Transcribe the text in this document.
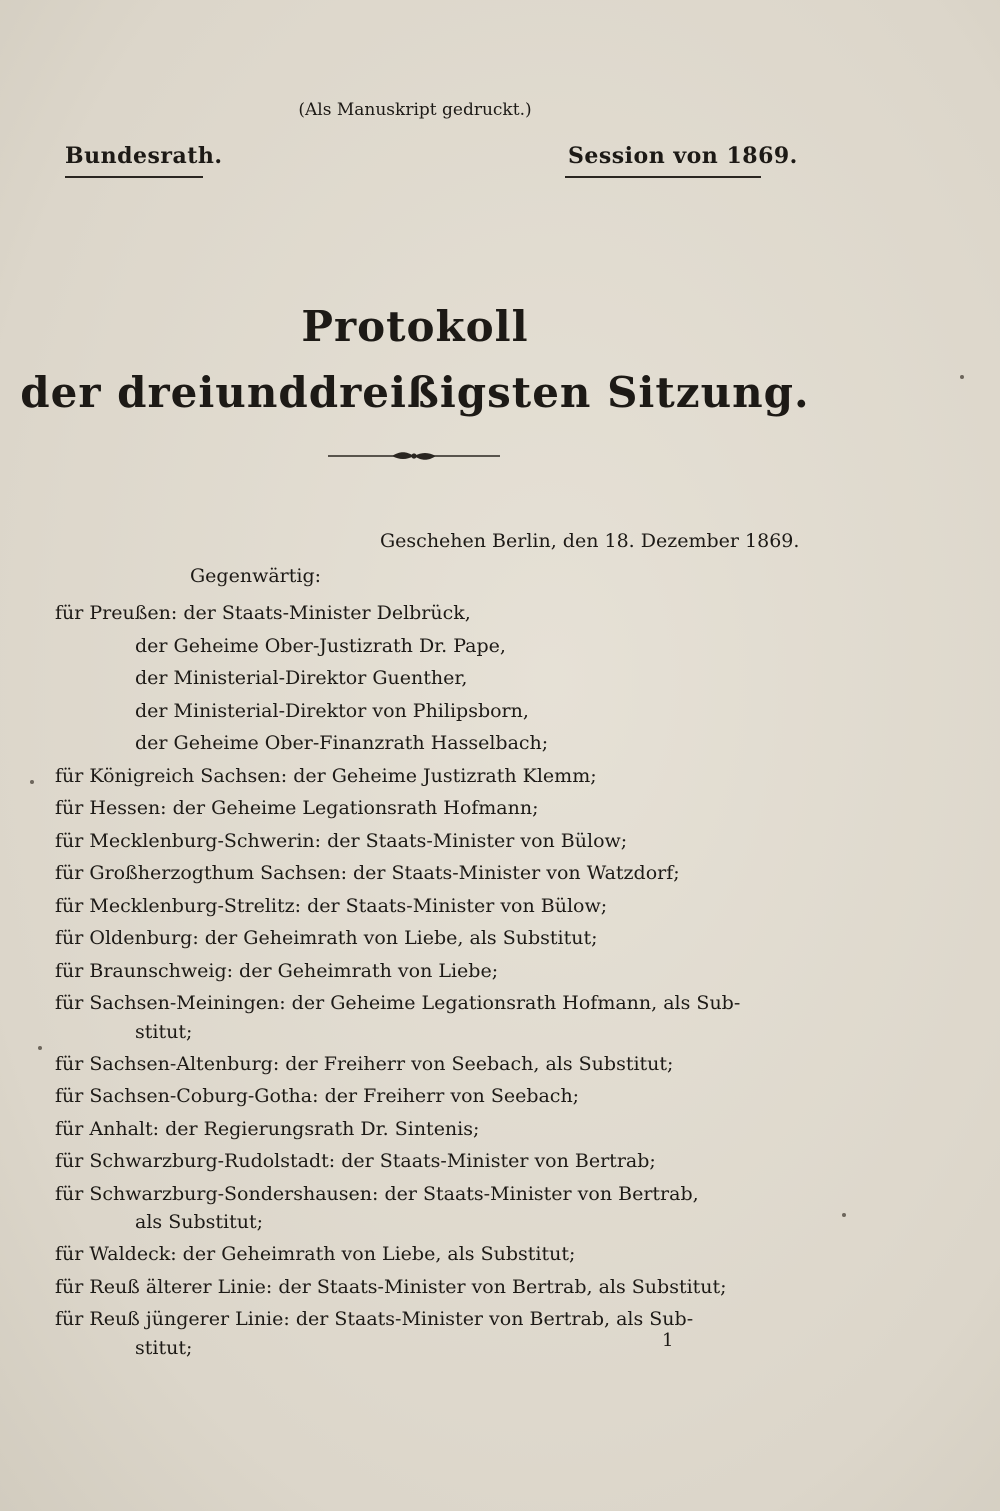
(Als Manuskript gedruckt.)
Bundesrath.	Session von 1869.
Protokoll
der dreiunddreißigsten Sitzung.
Geschehen Berlin, den 18. Dezember 1869.
Gegenwärtig:
für Preußen: der Staats-Minister Delbrück,
der Geheime Ober-Justizrath Dr. Pape,
der Ministerial-Direktor Guenther,
der Ministerial-Direktor von Philipsborn,
der Geheime Ober-Finanzrath Hasselbach;
für Königreich Sachsen: der Geheime Justizrath Klemm;
für Hessen: der Geheime Legationsrath Hofmann;
für Mecklenburg-Schwerin: der Staats-Minister von Bülow;
für Großherzogthum Sachsen: der Staats-Minister von Watzdorf;
für Mecklenburg-Strelitz: der Staats-Minister von Bülow;
für Oldenburg: der Geheimrath von Liebe, als Substitut;
für Braunschweig: der Geheimrath von Liebe;
für Sachsen-Meiningen: der Geheime Legationsrath Hofmann, als Sub-
stitut;
für Sachsen-Altenburg: der Freiherr von Seebach, als Substitut;
für Sachsen-Coburg-Gotha: der Freiherr von Seebach;
für Anhalt: der Regierungsrath Dr. Sintenis;
für Schwarzburg-Rudolstadt: der Staats-Minister von Bertrab;
für Schwarzburg-Sondershausen: der Staats-Minister von Bertrab,
als Substitut;
für Waldeck: der Geheimrath von Liebe, als Substitut;
für Reuß älterer Linie: der Staats-Minister von Bertrab, als Substitut;
für Reuß jüngerer Linie: der Staats-Minister von Bertrab, als Sub-
stitut;	1
